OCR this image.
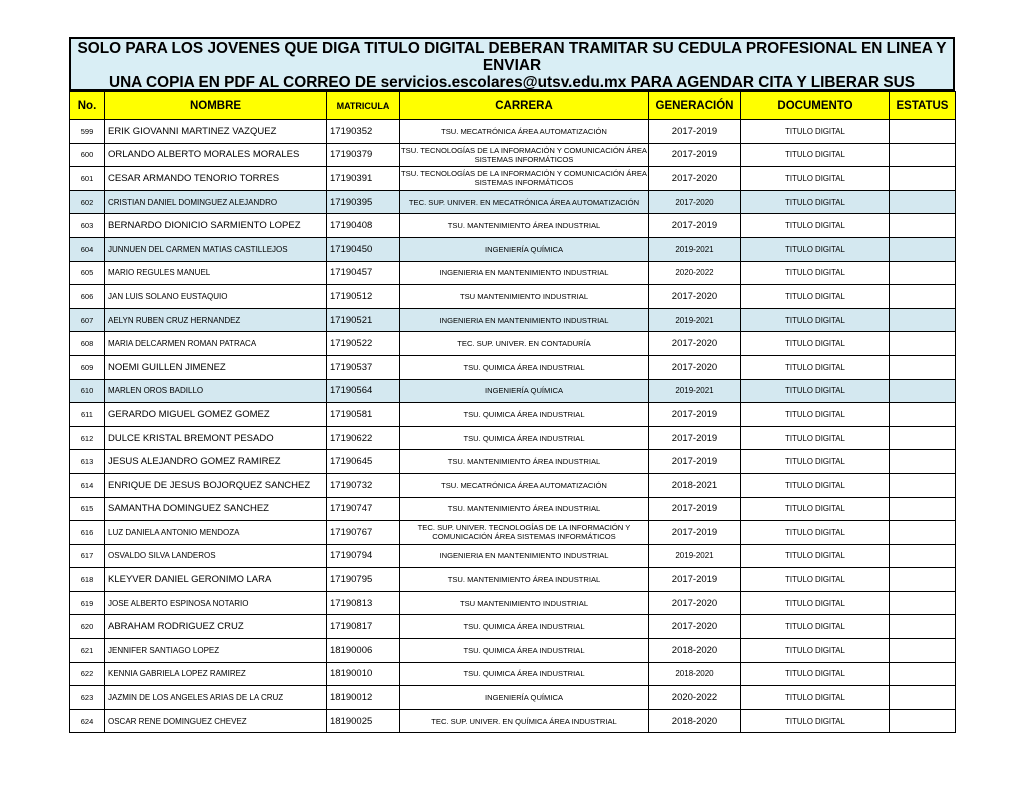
SOLO PARA LOS JOVENES QUE DIGA TITULO DIGITAL DEBERAN TRAMITAR SU CEDULA PROFESIONAL EN LINEA Y ENVIAR
UNA COPIA EN PDF AL CORREO DE servicios.escolares@utsv.edu.mx PARA AGENDAR CITA Y LIBERAR SUS
No.	NOMBRE	MATRICULA	CARRERA	GENERACIÓN	DOCUMENTO	ESTATUS
599	ERIK GIOVANNI MARTINEZ VAZQUEZ	17190352	TSU. MECATRÓNICA ÁREA AUTOMATIZACIÓN	2017-2019	TITULO DIGITAL	
600	ORLANDO ALBERTO MORALES MORALES	17190379	TSU. TECNOLOGÍAS DE LA INFORMACIÓN Y COMUNICACIÓN ÁREA SISTEMAS INFORMÁTICOS	2017-2019	TITULO DIGITAL	
601	CESAR ARMANDO TENORIO TORRES	17190391	TSU. TECNOLOGÍAS DE LA INFORMACIÓN Y COMUNICACIÓN ÁREA SISTEMAS INFORMÁTICOS	2017-2020	TITULO DIGITAL	
602	CRISTIAN DANIEL DOMINGUEZ ALEJANDRO	17190395	TEC. SUP. UNIVER. EN MECATRÓNICA ÁREA AUTOMATIZACIÓN	2017-2020	TITULO DIGITAL	
603	BERNARDO DIONICIO SARMIENTO LOPEZ	17190408	TSU. MANTENIMIENTO ÁREA INDUSTRIAL	2017-2019	TITULO DIGITAL	
604	JUNNUEN DEL CARMEN MATIAS CASTILLEJOS	17190450	INGENIERÍA QUÍMICA	2019-2021	TITULO DIGITAL	
605	MARIO REGULES MANUEL	17190457	INGENIERIA EN MANTENIMIENTO INDUSTRIAL	2020-2022	TITULO DIGITAL	
606	JAN LUIS SOLANO EUSTAQUIO	17190512	TSU MANTENIMIENTO INDUSTRIAL	2017-2020	TITULO DIGITAL	
607	AELYN RUBEN CRUZ HERNANDEZ	17190521	INGENIERIA EN MANTENIMIENTO INDUSTRIAL	2019-2021	TITULO DIGITAL	
608	MARIA DELCARMEN ROMAN PATRACA	17190522	TEC. SUP. UNIVER. EN CONTADURÍA	2017-2020	TITULO DIGITAL	
609	NOEMI GUILLEN JIMENEZ	17190537	TSU. QUIMICA ÁREA INDUSTRIAL	2017-2020	TITULO DIGITAL	
610	MARLEN OROS BADILLO	17190564	INGENIERÍA QUÍMICA	2019-2021	TITULO DIGITAL	
611	GERARDO MIGUEL GOMEZ GOMEZ	17190581	TSU. QUIMICA ÁREA INDUSTRIAL	2017-2019	TITULO DIGITAL	
612	DULCE KRISTAL BREMONT PESADO	17190622	TSU. QUIMICA ÁREA INDUSTRIAL	2017-2019	TITULO DIGITAL	
613	JESUS ALEJANDRO GOMEZ RAMIREZ	17190645	TSU. MANTENIMIENTO ÁREA INDUSTRIAL	2017-2019	TITULO DIGITAL	
614	ENRIQUE DE JESUS BOJORQUEZ SANCHEZ	17190732	TSU. MECATRÓNICA ÁREA AUTOMATIZACIÓN	2018-2021	TITULO DIGITAL	
615	SAMANTHA DOMINGUEZ SANCHEZ	17190747	TSU. MANTENIMIENTO ÁREA INDUSTRIAL	2017-2019	TITULO DIGITAL	
616	LUZ DANIELA ANTONIO MENDOZA	17190767	TEC. SUP. UNIVER. TECNOLOGÍAS DE LA INFORMACIÓN Y COMUNICACIÓN ÁREA SISTEMAS INFORMÁTICOS	2017-2019	TITULO DIGITAL	
617	OSVALDO SILVA LANDEROS	17190794	INGENIERIA EN MANTENIMIENTO INDUSTRIAL	2019-2021	TITULO DIGITAL	
618	KLEYVER DANIEL GERONIMO LARA	17190795	TSU. MANTENIMIENTO ÁREA INDUSTRIAL	2017-2019	TITULO DIGITAL	
619	JOSE ALBERTO ESPINOSA NOTARIO	17190813	TSU MANTENIMIENTO INDUSTRIAL	2017-2020	TITULO DIGITAL	
620	ABRAHAM RODRIGUEZ CRUZ	17190817	TSU. QUIMICA ÁREA INDUSTRIAL	2017-2020	TITULO DIGITAL	
621	JENNIFER SANTIAGO LOPEZ	18190006	TSU. QUIMICA ÁREA INDUSTRIAL	2018-2020	TITULO DIGITAL	
622	KENNIA GABRIELA LOPEZ RAMIREZ	18190010	TSU. QUIMICA ÁREA INDUSTRIAL	2018-2020	TITULO DIGITAL	
623	JAZMIN DE LOS ANGELES ARIAS DE LA CRUZ	18190012	INGENIERÍA QUÍMICA	2020-2022	TITULO DIGITAL	
624	OSCAR RENE DOMINGUEZ CHEVEZ	18190025	TEC. SUP. UNIVER. EN QUÍMICA ÁREA INDUSTRIAL	2018-2020	TITULO DIGITAL	
